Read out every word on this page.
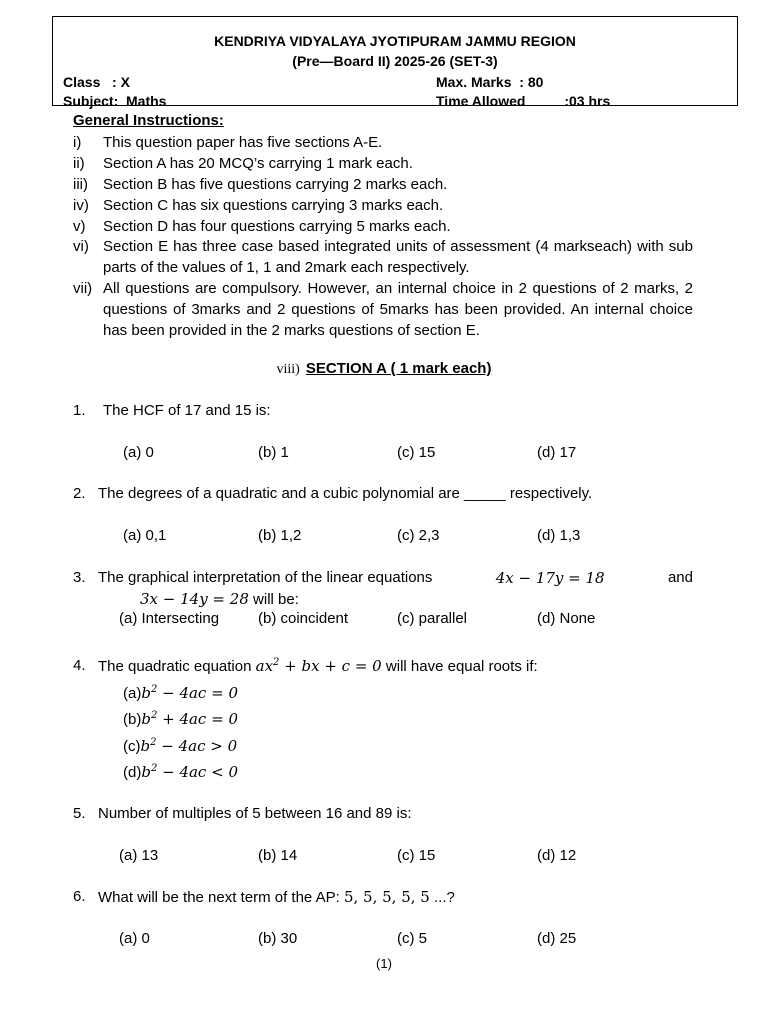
KENDRIYA VIDYALAYA JYOTIPURAM JAMMU REGION
(Pre—Board II) 2025-26 (SET-3)
Class   : X	Max. Marks  : 80
Subject:  Maths	Time Allowed          :03 hrs
General Instructions:
i) This question paper has five sections A-E.
ii) Section A has 20 MCQ’s carrying 1 mark each.
iii) Section B has five questions carrying 2 marks each.
iv) Section C has six questions carrying 3 marks each.
v) Section D has four questions carrying 5 marks each.
vi) Section E has three case based integrated units of assessment (4 markseach) with sub parts of the values of 1, 1 and 2mark each respectively.
vii) All questions are compulsory. However, an internal choice in 2 questions of 2 marks, 2 questions of 3marks and 2 questions of 5marks has been provided. An internal choice has been provided in the 2 marks questions of section E.
viii) SECTION A ( 1 mark each)
1. The HCF of 17 and 15 is:
(a) 0	(b) 1	(c) 15	(d) 17
2. The degrees of a quadratic and a cubic polynomial are _____ respectively.
(a) 0,1	(b) 1,2	(c) 2,3	(d) 1,3
3. The graphical interpretation of the linear equations	4x − 17y = 18	and
3x − 14y = 28 will be:
(a) Intersecting	(b) coincident	(c) parallel	(d) None
4. The quadratic equation $ax^2$ + bx + c = 0 will have equal roots if:
$(a)b^2 - 4ac = 0$
$(b)b^2 + 4ac = 0$
$(c)b^2 - 4ac > 0$
$(d)b^2 - 4ac < 0$
5. Number of multiples of 5 between 16 and 89 is:
(a) 13	(b) 14	(c) 15	(d) 12
6. What will be the next term of the AP: 5, 5, 5, 5, 5 ...?
(a) 0	(b) 30	(c) 5	(d) 25
(1)
